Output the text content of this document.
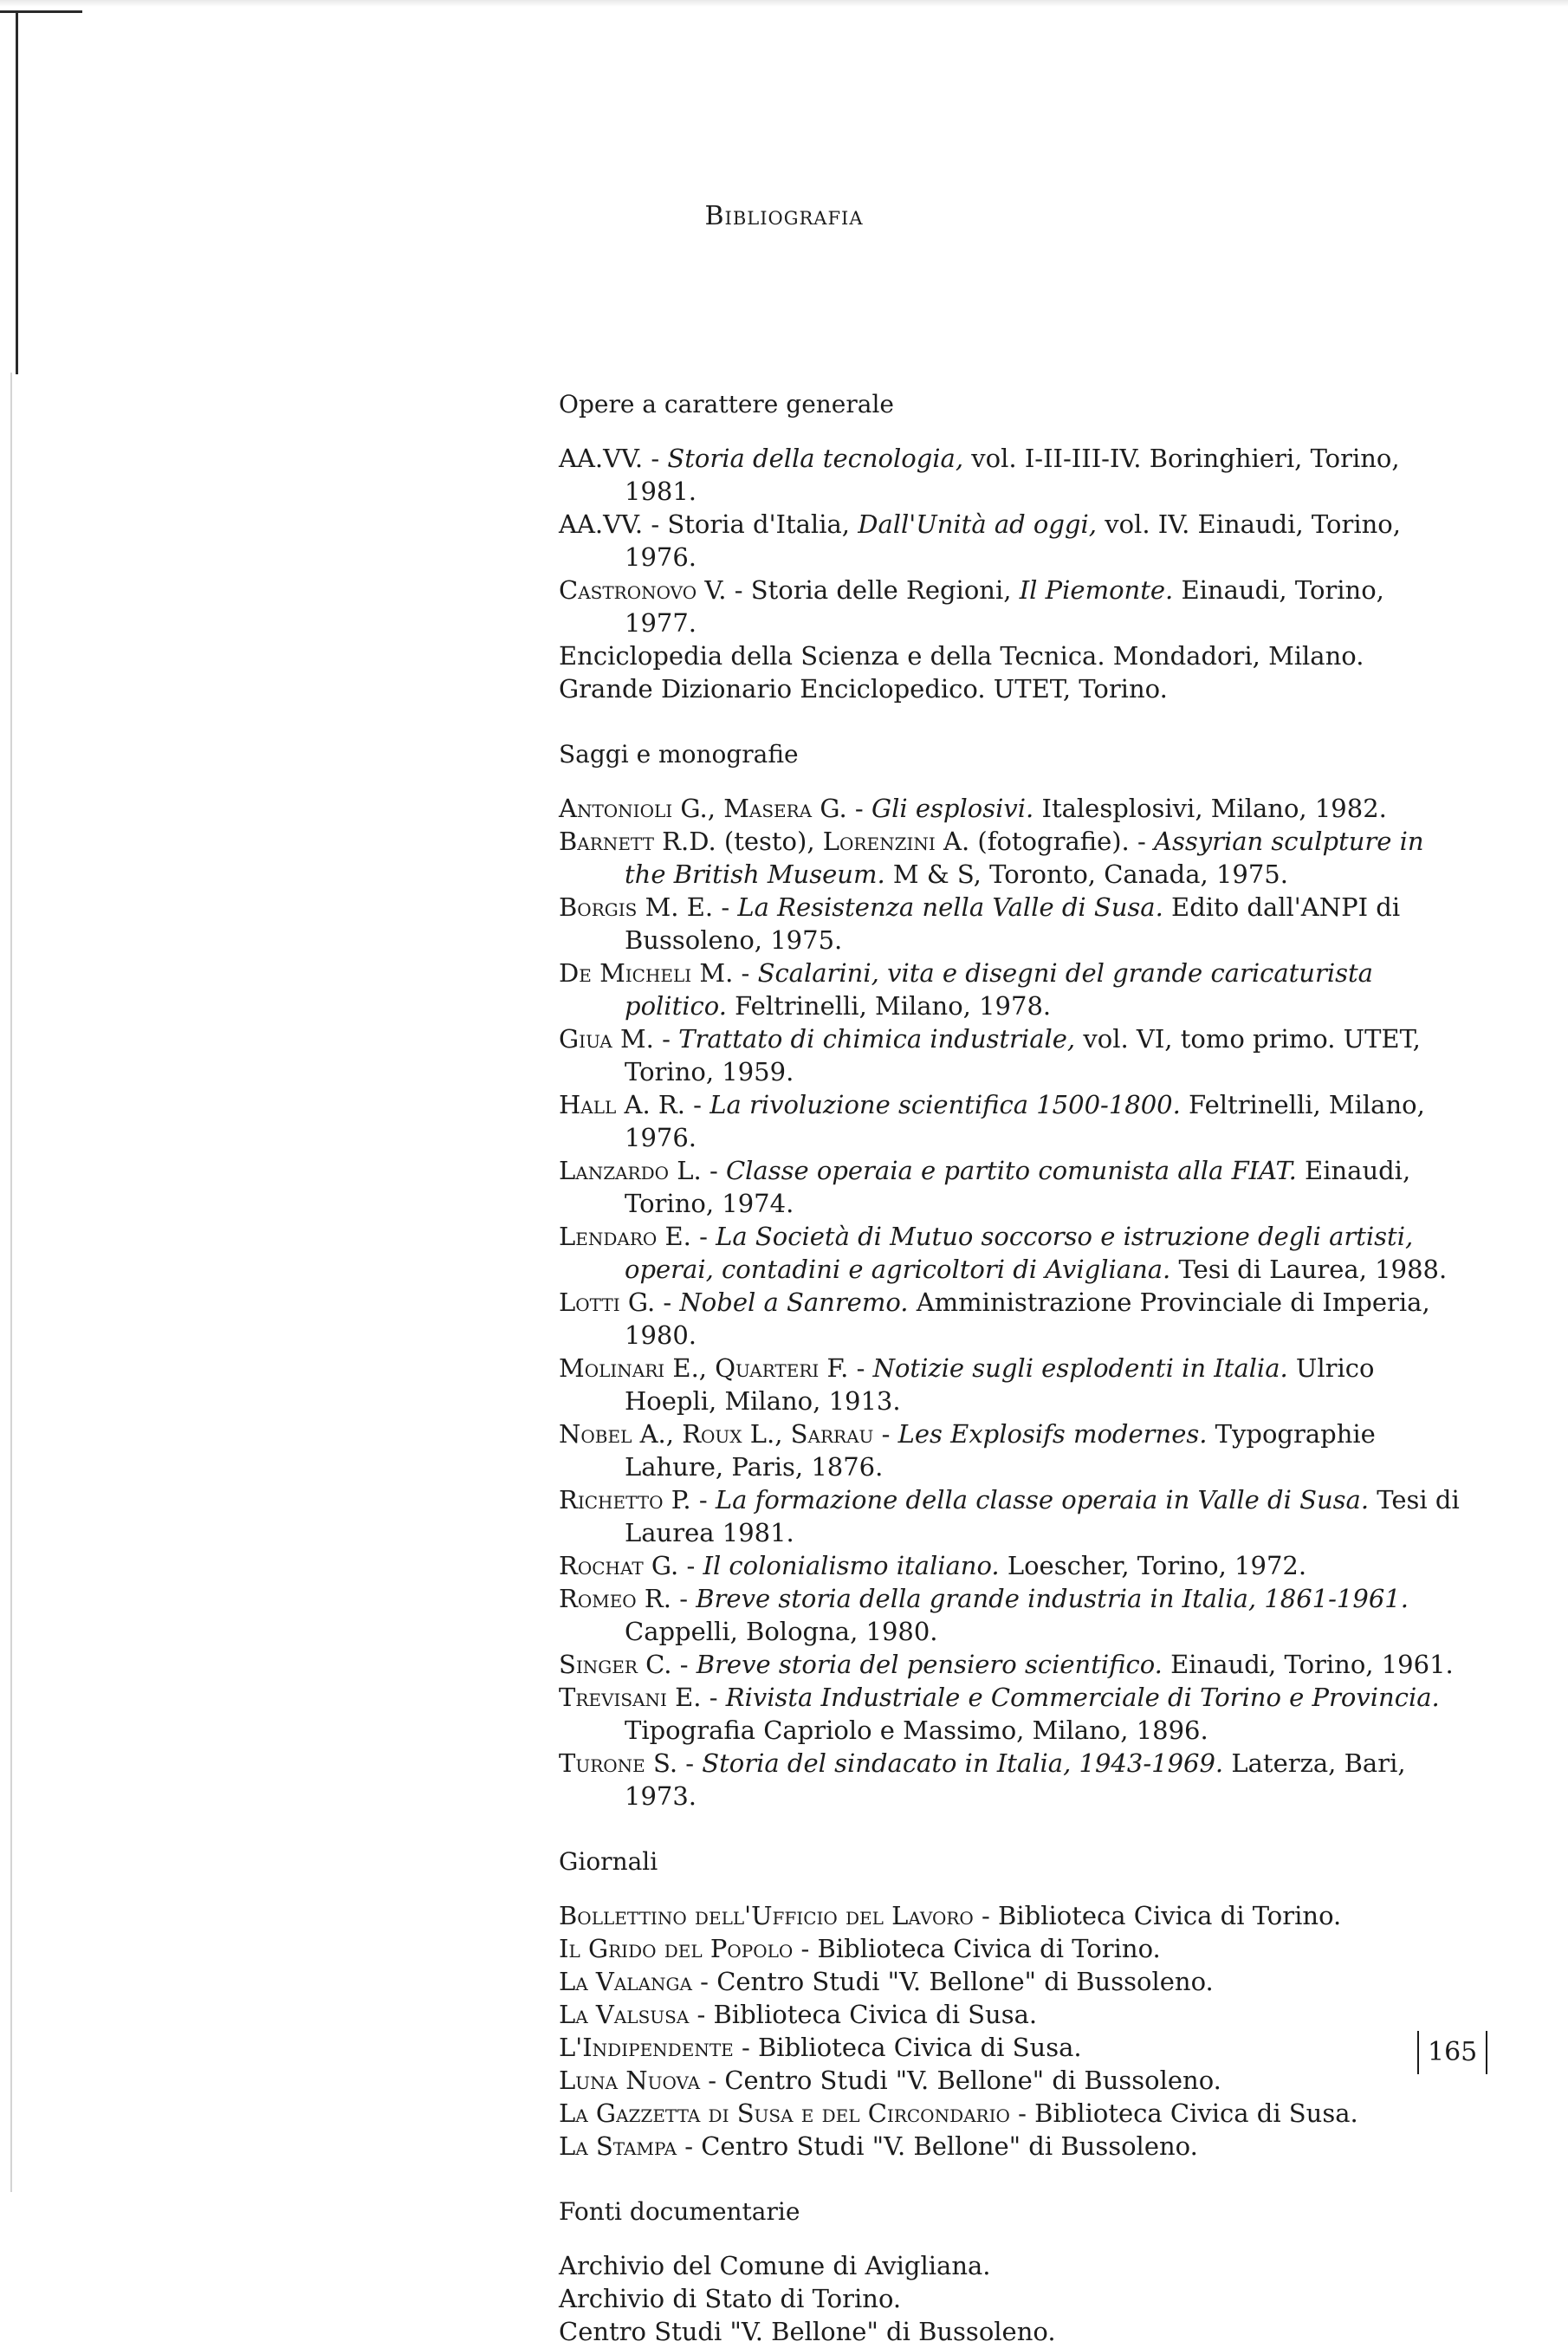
Bibliografia
Opere a carattere generale

AA.VV. - Storia della tecnologia, vol. I-II-III-IV. Boringhieri, Torino, 1981.

AA.VV. - Storia d'Italia, Dall'Unità ad oggi, vol. IV. Einaudi, Torino, 1976.

Castronovo V. - Storia delle Regioni, Il Piemonte. Einaudi, Torino, 1977.

Enciclopedia della Scienza e della Tecnica. Mondadori, Milano.

Grande Dizionario Enciclopedico. UTET, Torino.

Saggi e monografie

Antonioli G., Masera G. - Gli esplosivi. Italesplosivi, Milano, 1982.

Barnett R.D. (testo), Lorenzini A. (fotografie). - Assyrian sculpture in the British Museum. M & S, Toronto, Canada, 1975.

Borgis M. E. - La Resistenza nella Valle di Susa. Edito dall'ANPI di Bussoleno, 1975.

De Micheli M. - Scalarini, vita e disegni del grande caricaturista politico. Feltrinelli, Milano, 1978.

Giua M. - Trattato di chimica industriale, vol. VI, tomo primo. UTET, Torino, 1959.

Hall A. R. - La rivoluzione scientifica 1500-1800. Feltrinelli, Milano, 1976.

Lanzardo L. - Classe operaia e partito comunista alla FIAT. Einaudi, Torino, 1974.

Lendaro E. - La Società di Mutuo soccorso e istruzione degli artisti, operai, contadini e agricoltori di Avigliana. Tesi di Laurea, 1988.

Lotti G. - Nobel a Sanremo. Amministrazione Provinciale di Imperia, 1980.

Molinari E., Quarteri F. - Notizie sugli esplodenti in Italia. Ulrico Hoepli, Milano, 1913.

Nobel A., Roux L., Sarrau - Les Explosifs modernes. Typographie Lahure, Paris, 1876.

Richetto P. - La formazione della classe operaia in Valle di Susa. Tesi di Laurea 1981.

Rochat G. - Il colonialismo italiano. Loescher, Torino, 1972.

Romeo R. - Breve storia della grande industria in Italia, 1861-1961. Cappelli, Bologna, 1980.

Singer C. - Breve storia del pensiero scientifico. Einaudi, Torino, 1961.

Trevisani E. - Rivista Industriale e Commerciale di Torino e Provincia. Tipografia Capriolo e Massimo, Milano, 1896.

Turone S. - Storia del sindacato in Italia, 1943-1969. Laterza, Bari, 1973.

Giornali

Bollettino dell'Ufficio del Lavoro - Biblioteca Civica di Torino.

Il Grido del Popolo - Biblioteca Civica di Torino.

La Valanga - Centro Studi "V. Bellone" di Bussoleno.

La Valsusa - Biblioteca Civica di Susa.

L'Indipendente - Biblioteca Civica di Susa.

Luna Nuova - Centro Studi "V. Bellone" di Bussoleno.

La Gazzetta di Susa e del Circondario - Biblioteca Civica di Susa.

La Stampa - Centro Studi "V. Bellone" di Bussoleno.

Fonti documentarie

Archivio del Comune di Avigliana.

Archivio di Stato di Torino.

Centro Studi "V. Bellone" di Bussoleno.

165
